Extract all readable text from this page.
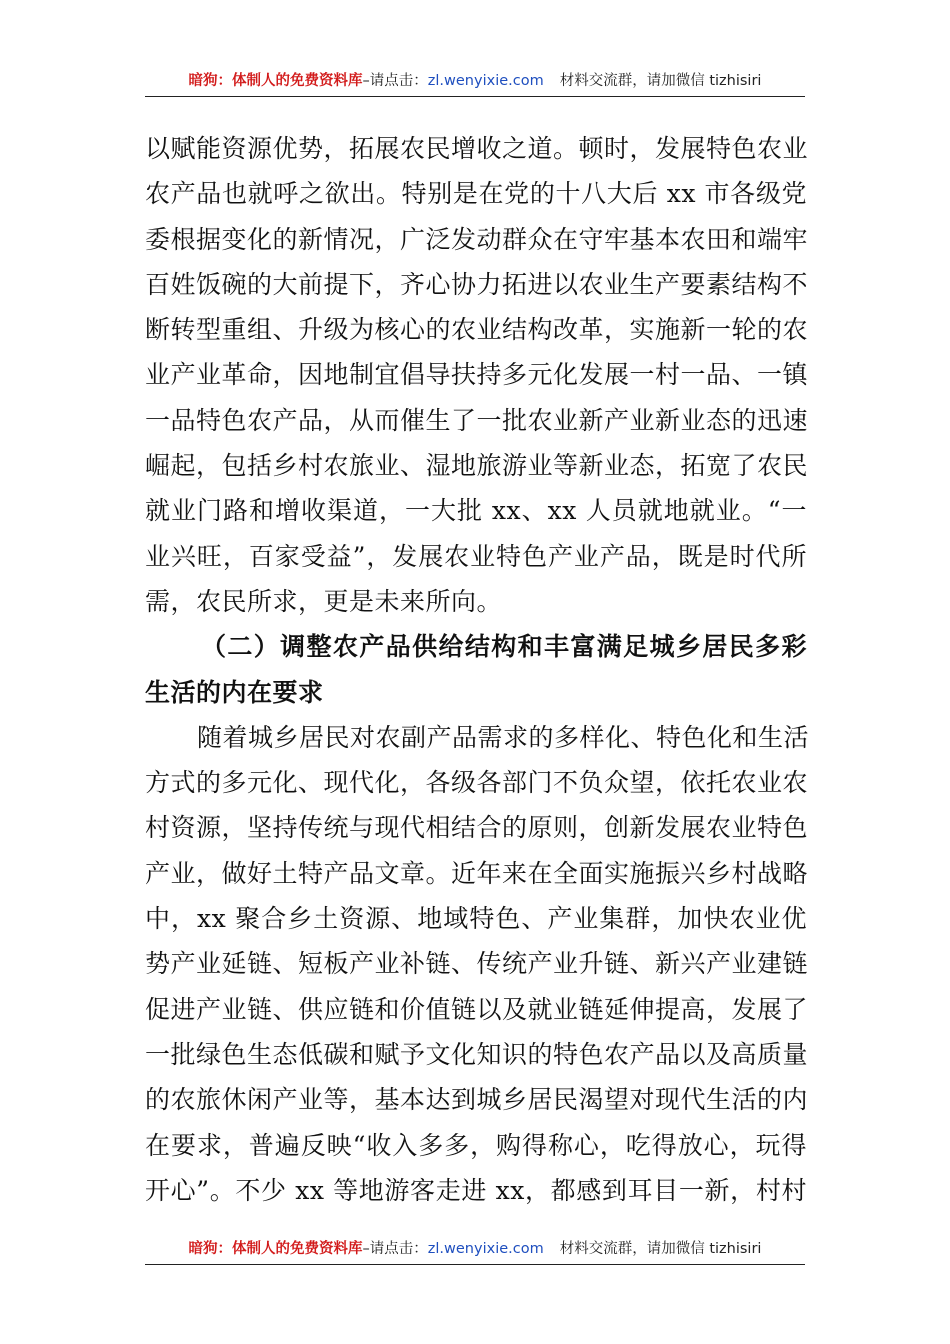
暗狗：体制人的免费资料库–请点击：zl.wenyixie.com 材料交流群，请加微信 tizhisiri
以赋能资源优势，拓展农民增收之道。顿时，发展特色农业
农产品也就呼之欲出。特别是在党的十八大后 xx 市各级党
委根据变化的新情况，广泛发动群众在守牢基本农田和端牢
百姓饭碗的大前提下，齐心协力拓进以农业生产要素结构不
断转型重组、升级为核心的农业结构改革，实施新一轮的农
业产业革命，因地制宜倡导扶持多元化发展一村一品、一镇
一品特色农产品，从而催生了一批农业新产业新业态的迅速
崛起，包括乡村农旅业、湿地旅游业等新业态，拓宽了农民
就业门路和增收渠道，一大批 xx、xx 人员就地就业。“一
业兴旺，百家受益”，发展农业特色产业产品，既是时代所
需，农民所求，更是未来所向。
（二）调整农产品供给结构和丰富满足城乡居民多彩
生活的内在要求
随着城乡居民对农副产品需求的多样化、特色化和生活
方式的多元化、现代化，各级各部门不负众望，依托农业农
村资源，坚持传统与现代相结合的原则，创新发展农业特色
产业，做好土特产品文章。近年来在全面实施振兴乡村战略
中，xx 聚合乡土资源、地域特色、产业集群，加快农业优
势产业延链、短板产业补链、传统产业升链、新兴产业建链
促进产业链、供应链和价值链以及就业链延伸提高，发展了
一批绿色生态低碳和赋予文化知识的特色农产品以及高质量
的农旅休闲产业等，基本达到城乡居民渴望对现代生活的内
在要求，普遍反映“收入多多，购得称心，吃得放心，玩得
开心”。不少 xx 等地游客走进 xx，都感到耳目一新，村村
暗狗：体制人的免费资料库–请点击：zl.wenyixie.com 材料交流群，请加微信 tizhisiri
